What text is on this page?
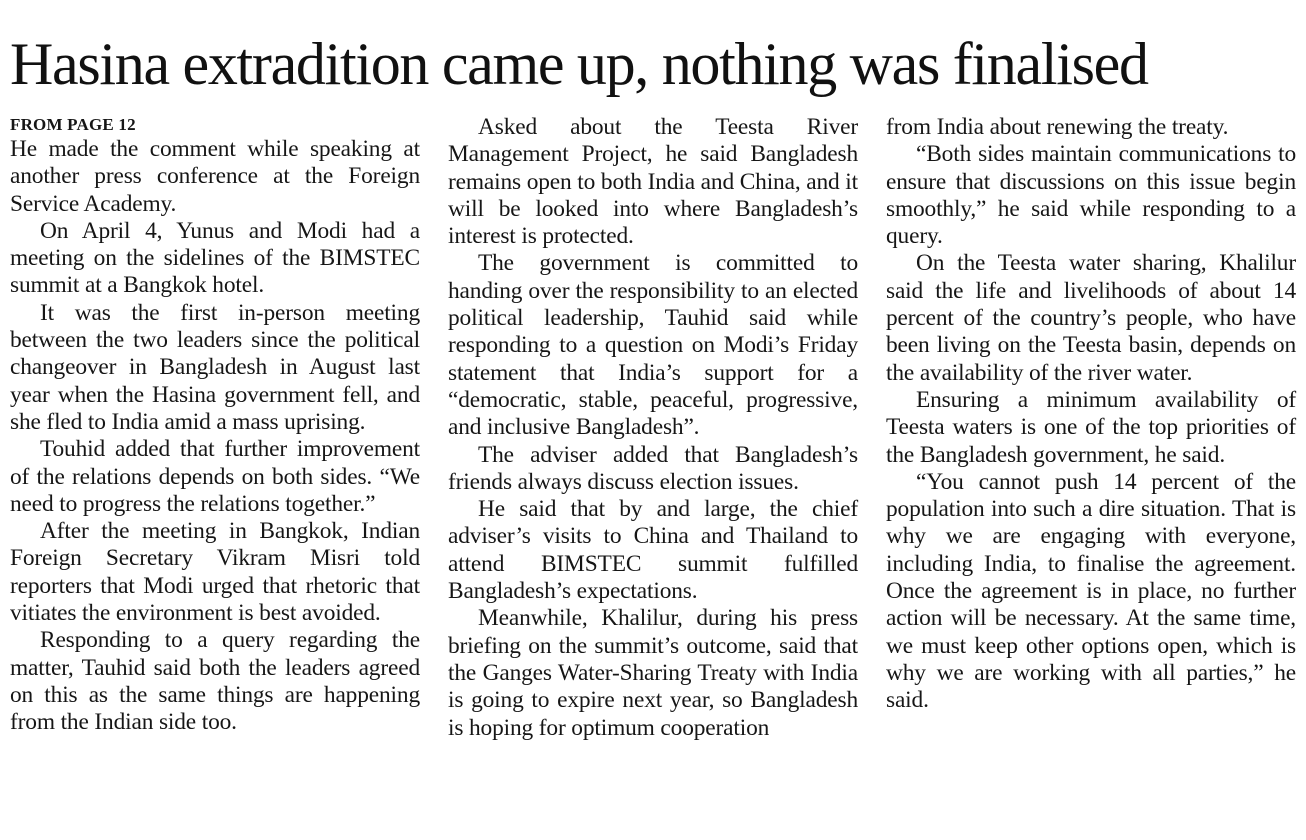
Hasina extradition came up, nothing was finalised
FROM PAGE 12

He made the comment while speaking at another press conference at the Foreign Service Academy.

On April 4, Yunus and Modi had a meeting on the sidelines of the BIMSTEC summit at a Bangkok hotel.

It was the first in-person meeting between the two leaders since the political changeover in Bangladesh in August last year when the Hasina government fell, and she fled to India amid a mass uprising.

Touhid added that further improvement of the relations depends on both sides. “We need to progress the relations together.”

After the meeting in Bangkok, Indian Foreign Secretary Vikram Misri told reporters that Modi urged that rhetoric that vitiates the environment is best avoided.

Responding to a query regarding the matter, Tauhid said both the leaders agreed on this as the same things are happening from the Indian side too.

Asked about the Teesta River Management Project, he said Bangladesh remains open to both India and China, and it will be looked into where Bangladesh’s interest is protected.

The government is committed to handing over the responsibility to an elected political leadership, Tauhid said while responding to a question on Modi’s Friday statement that India’s support for a “democratic, stable, peaceful, progressive, and inclusive Bangladesh”.

The adviser added that Bangladesh’s friends always discuss election issues.

He said that by and large, the chief adviser’s visits to China and Thailand to attend BIMSTEC summit fulfilled Bangladesh’s expectations.

Meanwhile, Khalilur, during his press briefing on the summit’s outcome, said that the Ganges Water-Sharing Treaty with India is going to expire next year, so Bangladesh is hoping for optimum cooperation

from India about renewing the treaty.

“Both sides maintain communications to ensure that discussions on this issue begin smoothly,” he said while responding to a query.

On the Teesta water sharing, Khalilur said the life and livelihoods of about 14 percent of the country’s people, who have been living on the Teesta basin, depends on the availability of the river water.

Ensuring a minimum availability of Teesta waters is one of the top priorities of the Bangladesh government, he said.

“You cannot push 14 percent of the population into such a dire situation. That is why we are engaging with everyone, including India, to finalise the agreement. Once the agreement is in place, no further action will be necessary. At the same time, we must keep other options open, which is why we are working with all parties,” he said.
